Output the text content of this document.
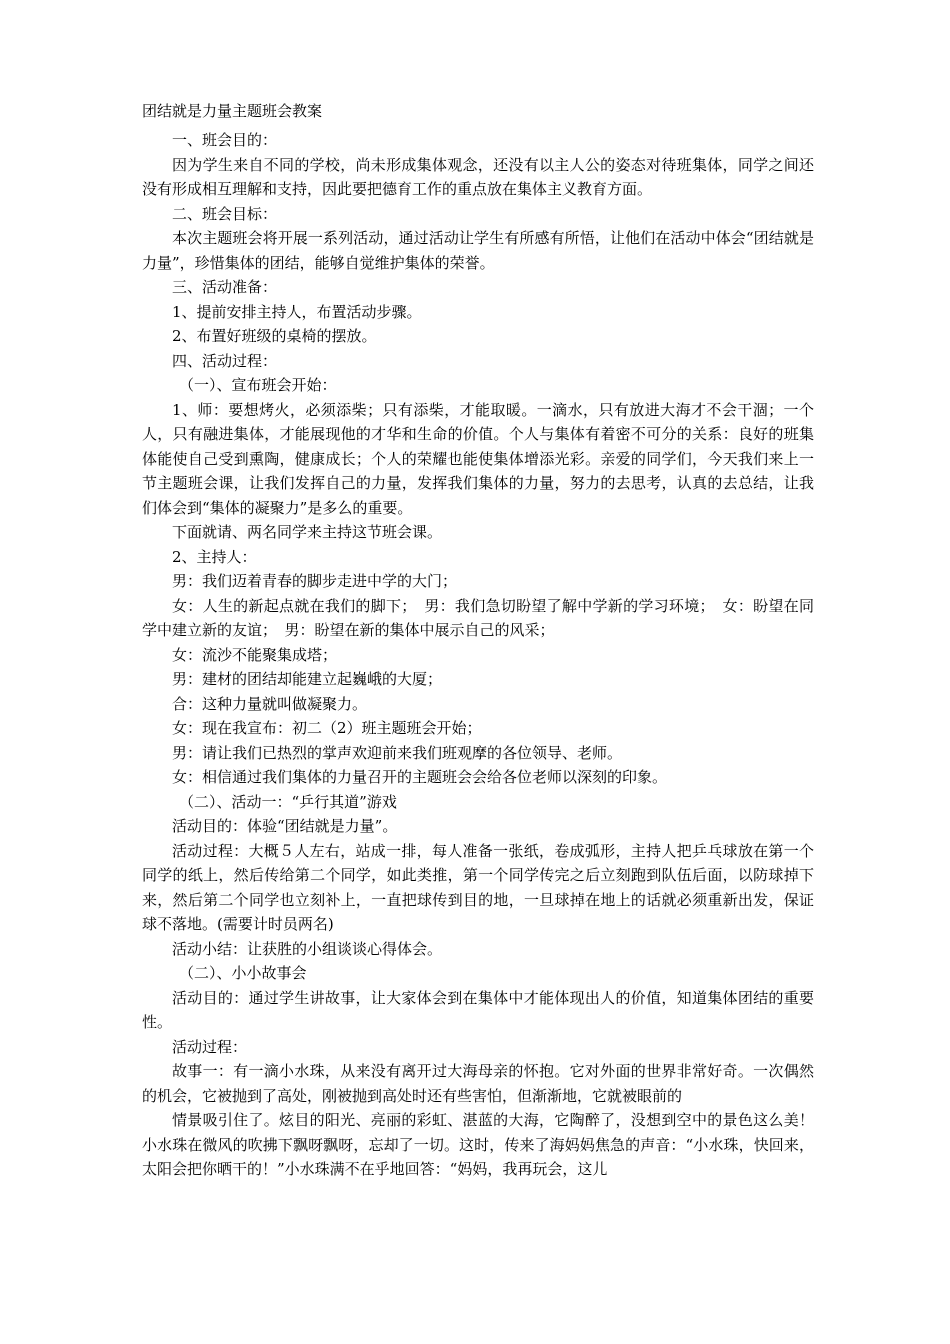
团结就是力量主题班会教案

一、班会目的：

因为学生来自不同的学校，尚未形成集体观念，还没有以主人公的姿态对待班集体，同学之间还没有形成相互理解和支持，因此要把德育工作的重点放在集体主义教育方面。

二、班会目标：

本次主题班会将开展一系列活动，通过活动让学生有所感有所悟，让他们在活动中体会“团结就是力量”，珍惜集体的团结，能够自觉维护集体的荣誉。

三、活动准备：

1、提前安排主持人，布置活动步骤。

2、布置好班级的桌椅的摆放。

四、活动过程：

（一）、宣布班会开始：

1、师：要想烤火，必须添柴；只有添柴，才能取暖。一滴水，只有放进大海才不会干涸；一个人，只有融进集体，才能展现他的才华和生命的价值。个人与集体有着密不可分的关系：良好的班集体能使自己受到熏陶，健康成长；个人的荣耀也能使集体增添光彩。亲爱的同学们，今天我们来上一节主题班会课，让我们发挥自己的力量，发挥我们集体的力量，努力的去思考，认真的去总结，让我们体会到“集体的凝聚力”是多么的重要。

下面就请、两名同学来主持这节班会课。

2、主持人：

男：我们迈着青春的脚步走进中学的大门；

女：人生的新起点就在我们的脚下；　男：我们急切盼望了解中学新的学习环境；　女：盼望在同学中建立新的友谊；　男：盼望在新的集体中展示自己的风采；

女：流沙不能聚集成塔；

男：建材的团结却能建立起巍峨的大厦；

合：这种力量就叫做凝聚力。

女：现在我宣布：初二（2）班主题班会开始；

男：请让我们已热烈的掌声欢迎前来我们班观摩的各位领导、老师。

女：相信通过我们集体的力量召开的主题班会会给各位老师以深刻的印象。

（二）、活动一：“乒行其道”游戏

活动目的：体验“团结就是力量”。

活动过程：大概５人左右，站成一排，每人准备一张纸，卷成弧形，主持人把乒乓球放在第一个同学的纸上，然后传给第二个同学，如此类推，第一个同学传完之后立刻跑到队伍后面，以防球掉下来，然后第二个同学也立刻补上，一直把球传到目的地，一旦球掉在地上的话就必须重新出发，保证球不落地。(需要计时员两名)

活动小结：让获胜的小组谈谈心得体会。

（二）、小小故事会

活动目的：通过学生讲故事，让大家体会到在集体中才能体现出人的价值，知道集体团结的重要性。

活动过程：

故事一：有一滴小水珠，从来没有离开过大海母亲的怀抱。它对外面的世界非常好奇。一次偶然的机会，它被抛到了高处，刚被抛到高处时还有些害怕，但渐渐地，它就被眼前的

情景吸引住了。炫目的阳光、亮丽的彩虹、湛蓝的大海，它陶醉了，没想到空中的景色这么美！小水珠在微风的吹拂下飘呀飘呀，忘却了一切。这时，传来了海妈妈焦急的声音：“小水珠，快回来，太阳会把你晒干的！”小水珠满不在乎地回答：“妈妈，我再玩会，这儿
